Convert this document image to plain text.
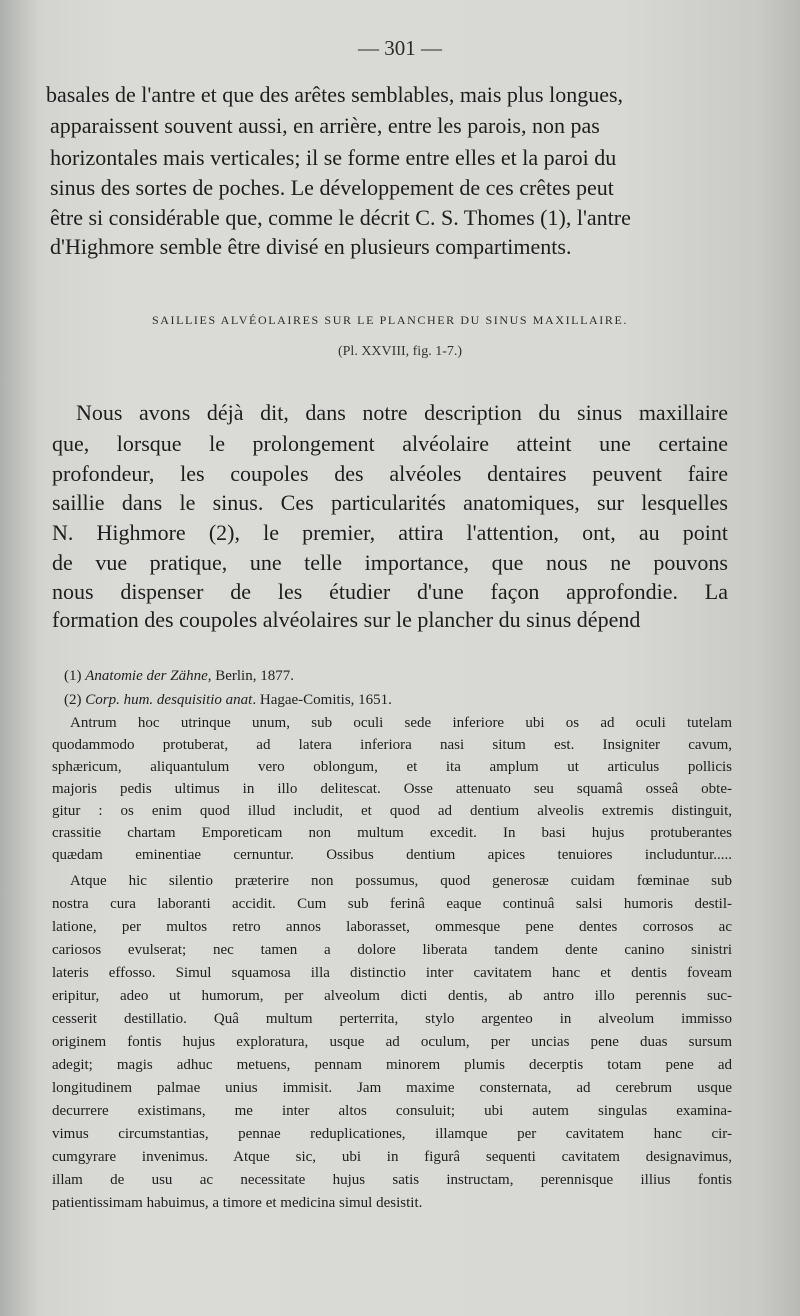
— 301 —
basales de l'antre et que des arêtes semblables, mais plus longues,
apparaissent souvent aussi, en arrière, entre les parois, non pas
horizontales mais verticales; il se forme entre elles et la paroi du
sinus des sortes de poches. Le développement de ces crêtes peut
être si considérable que, comme le décrit C. S. Thomes (1), l'antre
d'Highmore semble être divisé en plusieurs compartiments.
SAILLIES ALVÉOLAIRES SUR LE PLANCHER DU SINUS MAXILLAIRE.
(Pl. XXVIII, fig. 1-7.)
Nous avons déjà dit, dans notre description du sinus maxillaire
que, lorsque le prolongement alvéolaire atteint une certaine
profondeur, les coupoles des alvéoles dentaires peuvent faire
saillie dans le sinus. Ces particularités anatomiques, sur lesquelles
N. Highmore (2), le premier, attira l'attention, ont, au point
de vue pratique, une telle importance, que nous ne pouvons
nous dispenser de les étudier d'une façon approfondie. La
formation des coupoles alvéolaires sur le plancher du sinus dépend
(1) Anatomie der Zähne, Berlin, 1877.
(2) Corp. hum. desquisitio anat. Hagae-Comitis, 1651.
Antrum hoc utrinque unum, sub oculi sede inferiore ubi os ad oculi tutelam
quodammodo protuberat, ad latera inferiora nasi situm est. Insigniter cavum,
sphæricum, aliquantulum vero oblongum, et ita amplum ut articulus pollicis
majoris pedis ultimus in illo delitescat. Osse attenuato seu squamâ osseâ obte-
gitur : os enim quod illud includit, et quod ad dentium alveolis extremis distinguit,
crassitie chartam Emporeticam non multum excedit. In basi hujus protuberantes
quædam eminentiae cernuntur. Ossibus dentium apices tenuiores includuntur.....
Atque hic silentio præterire non possumus, quod generosæ cuidam fœminae sub
nostra cura laboranti accidit. Cum sub ferinâ eaque continuâ salsi humoris destil-
latione, per multos retro annos laborasset, ommesque pene dentes corrosos ac
cariosos evulserat; nec tamen a dolore liberata tandem dente canino sinistri
lateris effosso. Simul squamosa illa distinctio inter cavitatem hanc et dentis foveam
eripitur, adeo ut humorum, per alveolum dicti dentis, ab antro illo perennis suc-
cesserit destillatio. Quâ multum perterrita, stylo argenteo in alveolum immisso
originem fontis hujus exploratura, usque ad oculum, per uncias pene duas sursum
adegit; magis adhuc metuens, pennam minorem plumis decerptis totam pene ad
longitudinem palmae unius immisit. Jam maxime consternata, ad cerebrum usque
decurrere existimans, me inter altos consuluit; ubi autem singulas examina-
vimus circumstantias, pennae reduplicationes, illamque per cavitatem hanc cir-
cumgyrare invenimus. Atque sic, ubi in figurâ sequenti cavitatem designavimus,
illam de usu ac necessitate hujus satis instructam, perennisque illius fontis
patientissimam habuimus, a timore et medicina simul desistit.
